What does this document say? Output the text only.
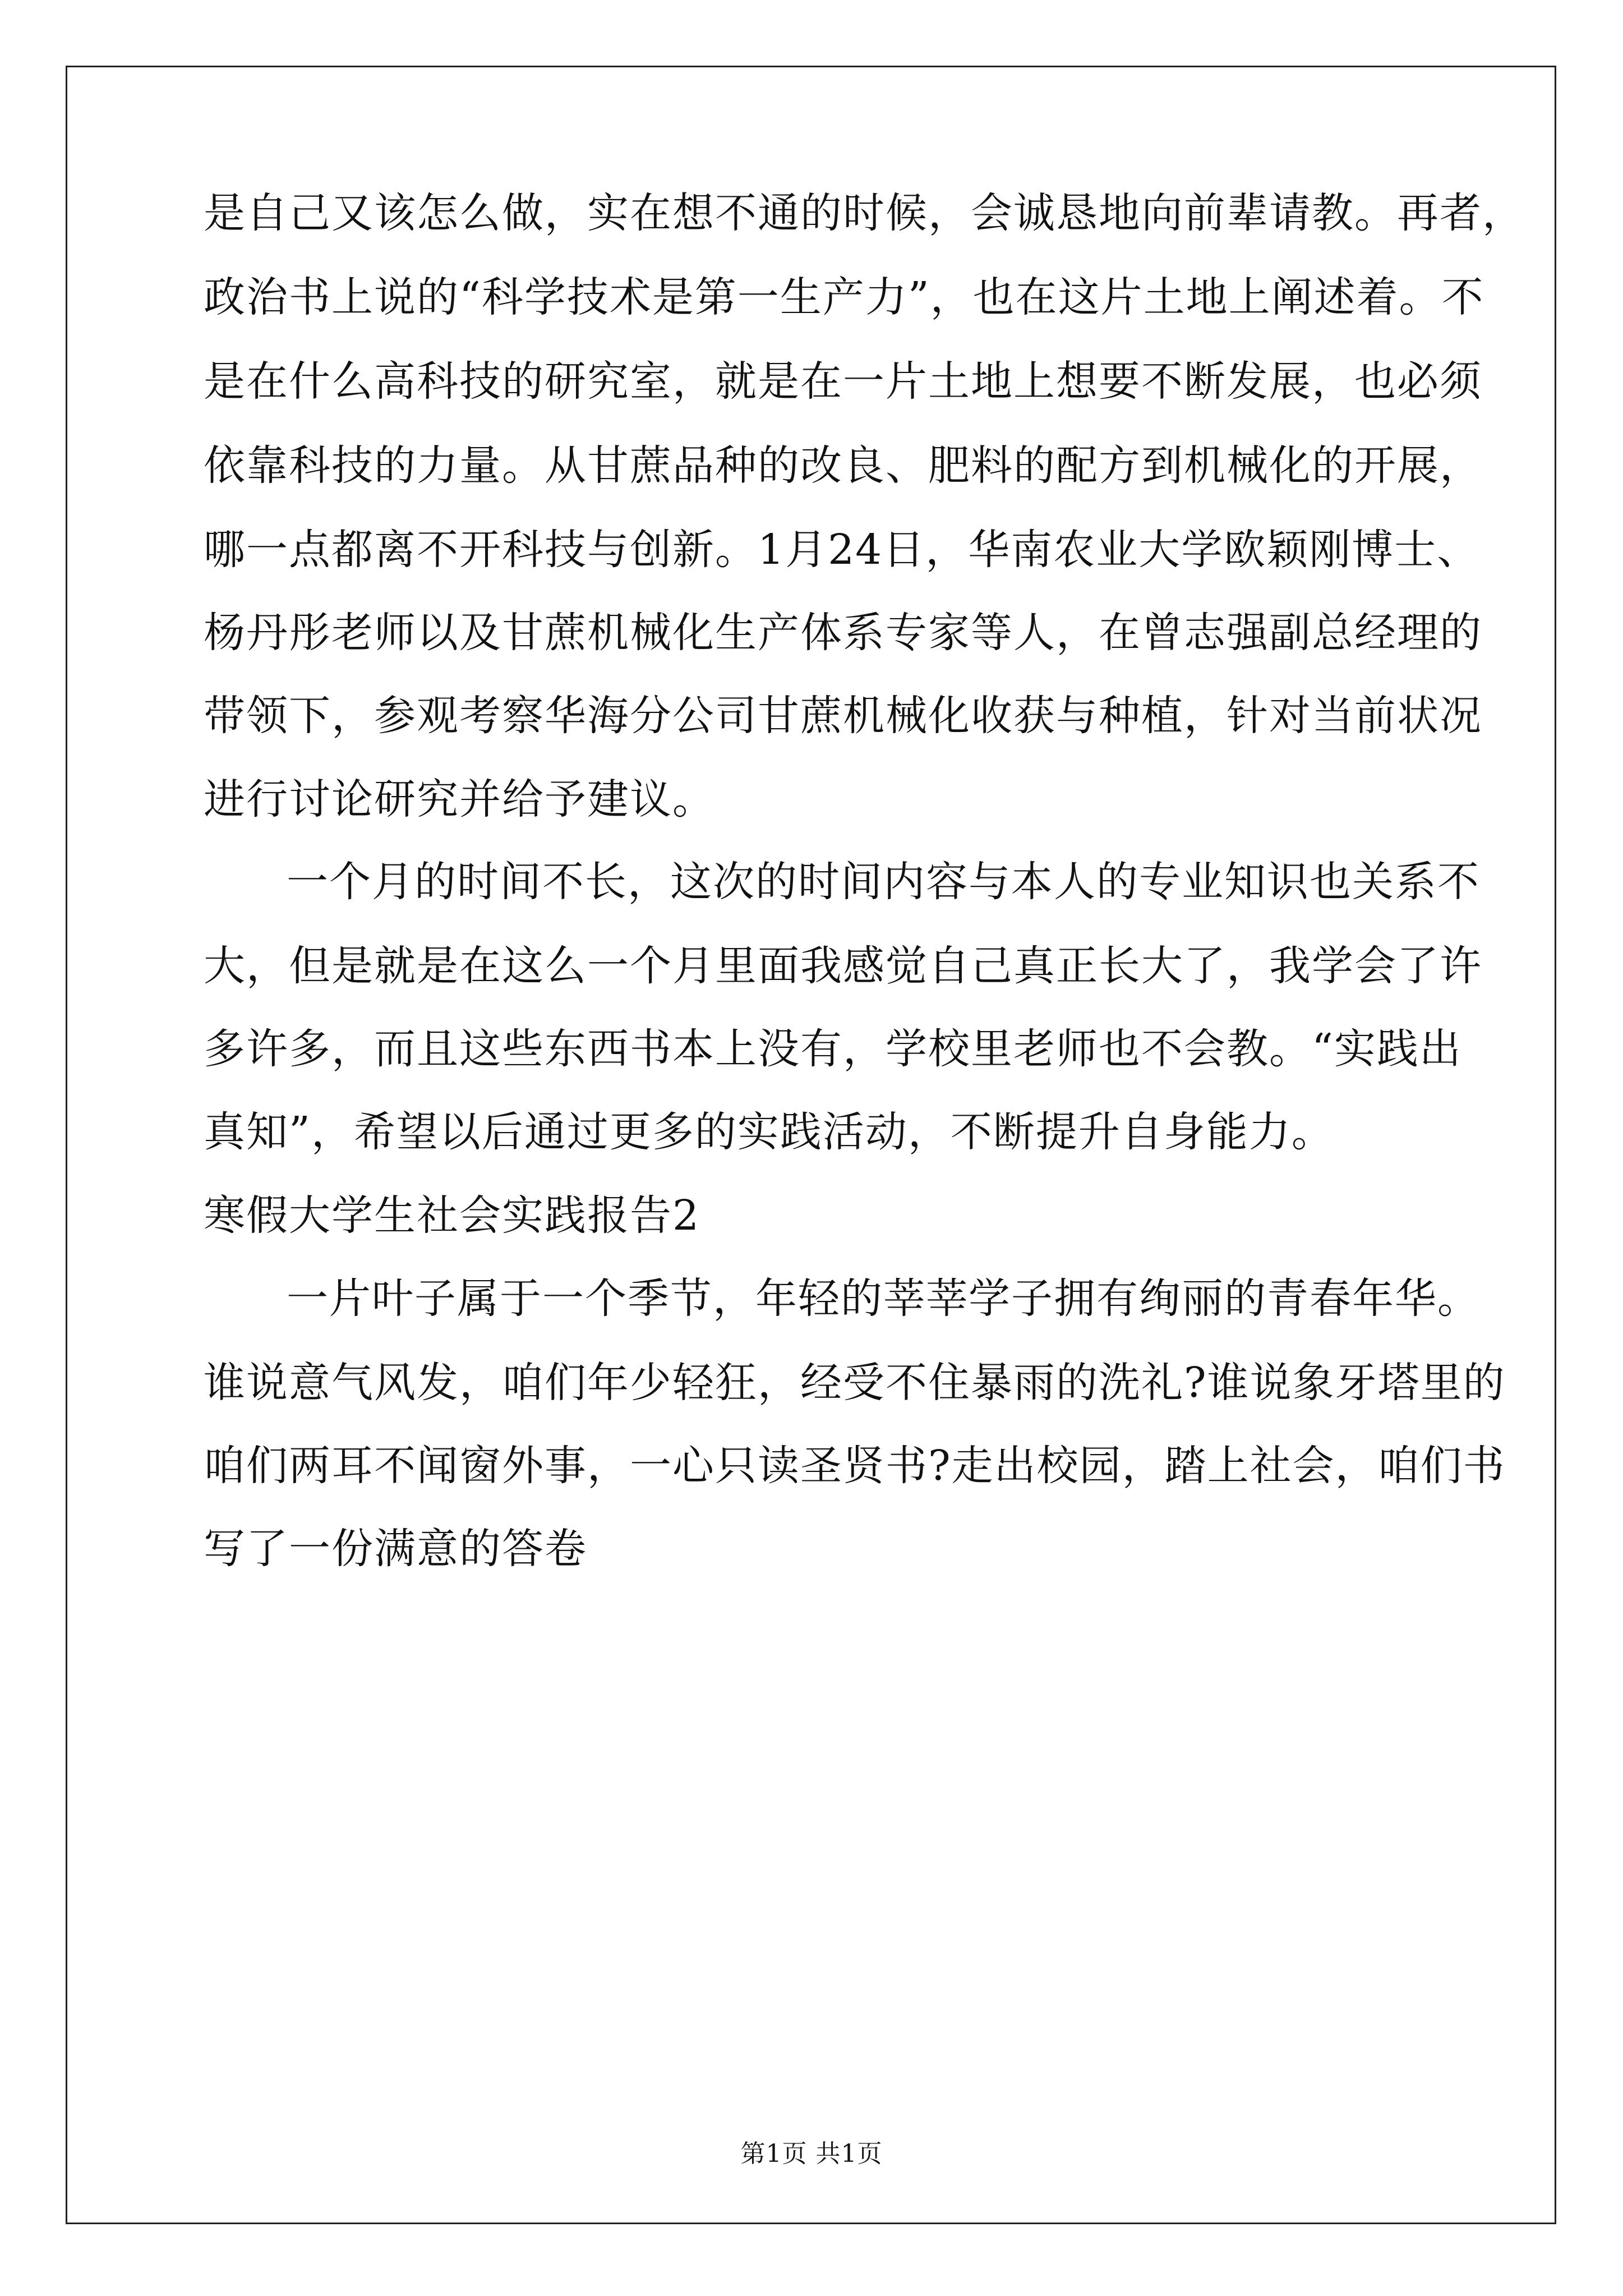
是自己又该怎么做，实在想不通的时候，会诚恳地向前辈请教。再者，
政治书上说的“科学技术是第一生产力”，也在这片土地上阐述着。不
是在什么高科技的研究室，就是在一片土地上想要不断发展，也必须
依靠科技的力量。从甘蔗品种的改良、肥料的配方到机械化的开展，
哪一点都离不开科技与创新。1月24日，华南农业大学欧颖刚博士、
杨丹彤老师以及甘蔗机械化生产体系专家等人，在曾志强副总经理的
带领下，参观考察华海分公司甘蔗机械化收获与种植，针对当前状况
进行讨论研究并给予建议。
一个月的时间不长，这次的时间内容与本人的专业知识也关系不
大，但是就是在这么一个月里面我感觉自己真正长大了，我学会了许
多许多，而且这些东西书本上没有，学校里老师也不会教。“实践出
真知”，希望以后通过更多的实践活动，不断提升自身能力。
寒假大学生社会实践报告2
一片叶子属于一个季节，年轻的莘莘学子拥有绚丽的青春年华。
谁说意气风发，咱们年少轻狂，经受不住暴雨的洗礼?谁说象牙塔里的
咱们两耳不闻窗外事，一心只读圣贤书?走出校园，踏上社会，咱们书
写了一份满意的答卷
第1页 共1页
